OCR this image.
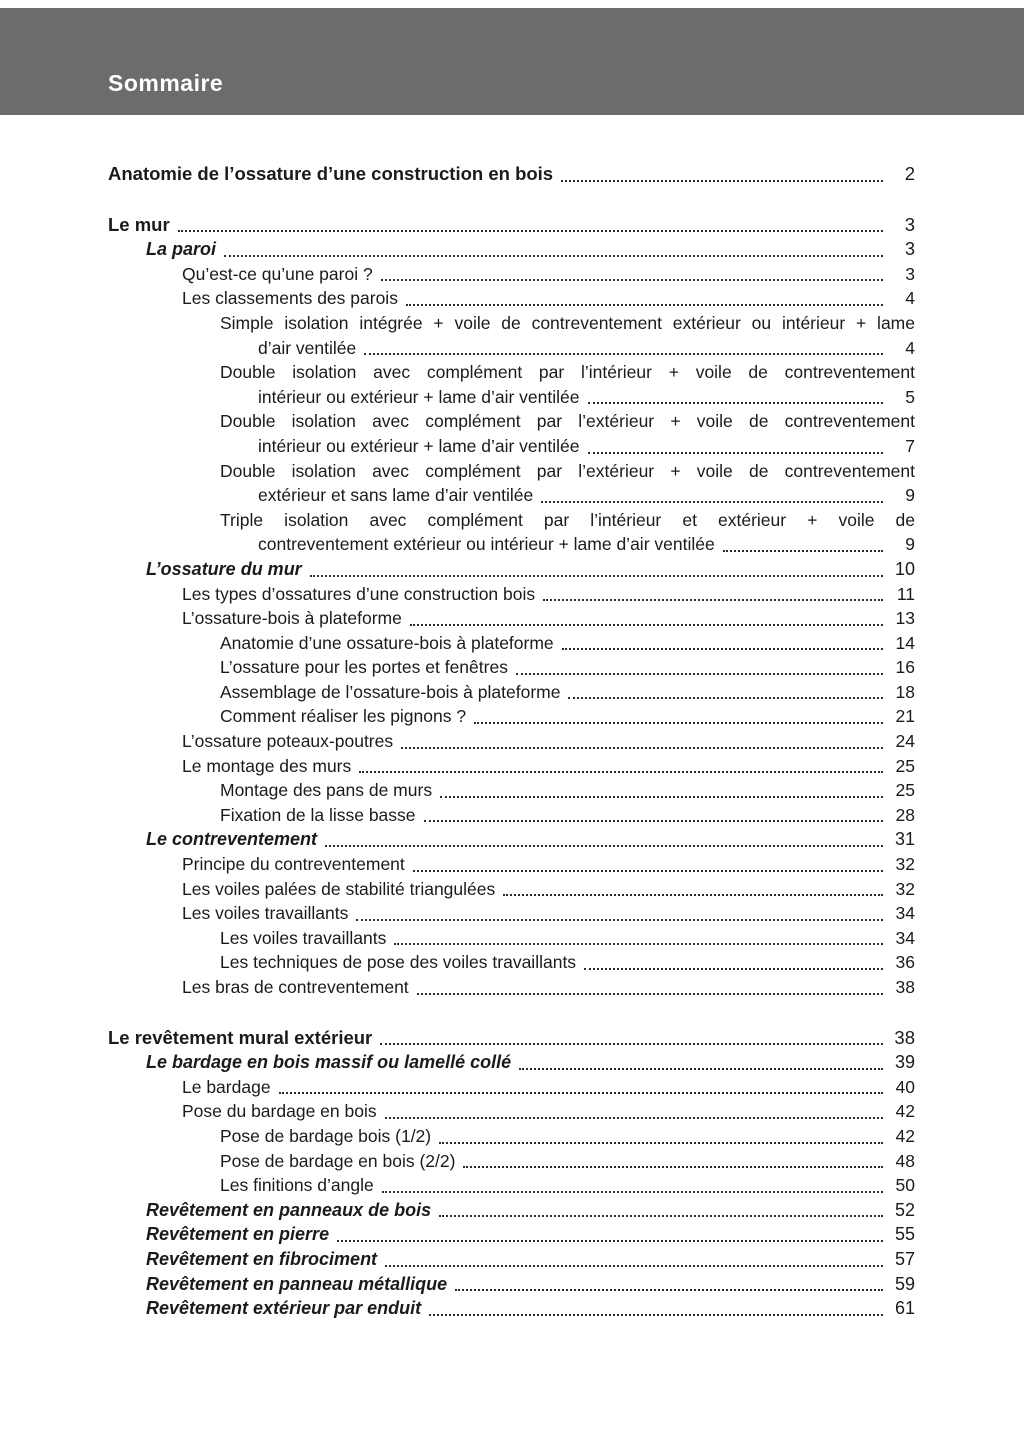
Sommaire
Anatomie de l’ossature d’une construction en bois	2
Le mur	3
La paroi	3
Qu’est-ce qu’une paroi ?	3
Les classements des parois	4
Simple isolation intégrée + voile de contreventement extérieur ou intérieur + lame
d’air ventilée	4
Double isolation avec complément par l’intérieur + voile de contreventement
intérieur ou extérieur + lame d’air ventilée	5
Double isolation avec complément par l’extérieur + voile de contreventement
intérieur ou extérieur + lame d’air ventilée	7
Double isolation avec complément par l’extérieur + voile de contreventement
extérieur et sans lame d’air ventilée	9
Triple isolation avec complément par l’intérieur et extérieur + voile de
contreventement extérieur ou intérieur + lame d’air ventilée	9
L’ossature du mur	10
Les types d’ossatures d’une construction bois	11
L’ossature-bois à plateforme	13
Anatomie d’une ossature-bois à plateforme	14
L’ossature pour les portes et fenêtres	16
Assemblage de l’ossature-bois à plateforme	18
Comment réaliser les pignons ?	21
L’ossature poteaux-poutres	24
Le montage des murs	25
Montage des pans de murs	25
Fixation de la lisse basse	28
Le contreventement	31
Principe du contreventement	32
Les voiles palées de stabilité triangulées	32
Les voiles travaillants	34
Les voiles travaillants	34
Les techniques de pose des voiles travaillants	36
Les bras de contreventement	38
Le revêtement mural extérieur	38
Le bardage en bois massif ou lamellé collé	39
Le bardage	40
Pose du bardage en bois	42
Pose de bardage bois (1/2)	42
Pose de bardage en bois (2/2)	48
Les finitions d’angle	50
Revêtement en panneaux de bois	52
Revêtement en pierre	55
Revêtement en fibrociment	57
Revêtement en panneau métallique	59
Revêtement extérieur par enduit	61
